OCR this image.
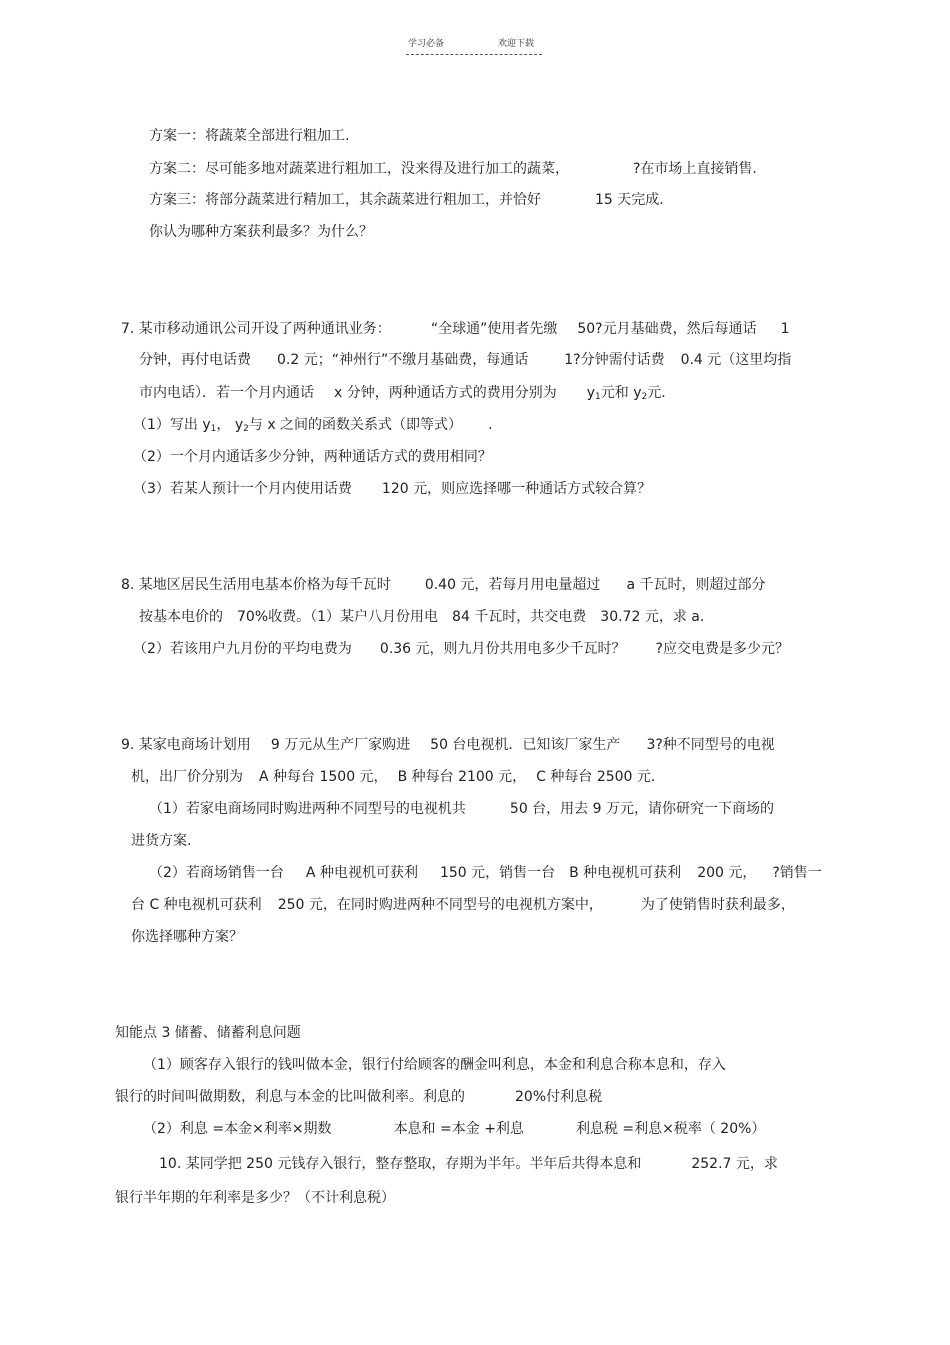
学习必备	欢迎下载
方案一：将蔬菜全部进行粗加工.
方案二：尽可能多地对蔬菜进行粗加工，没来得及进行加工的蔬菜，	?在市场上直接销售.
方案三：将部分蔬菜进行精加工，其余蔬菜进行粗加工，并恰好	15 天完成.
你认为哪种方案获利最多？为什么？
7. 某市移动通讯公司开设了两种通讯业务：	“全球通”使用者先缴 50?元月基础费，然后每通话 1
分钟，再付电话费 0.2 元；“神州行”不缴月基础费，每通话	1?分钟需付话费 0.4 元（这里均指
市内电话）．若一个月内通话 x 分钟，两种通话方式的费用分别为 $y_1$元和 $y_2$元.
（1）写出 $y_1$， $y_2$与 x 之间的函数关系式（即等式） .
（2）一个月内通话多少分钟，两种通话方式的费用相同？
（3）若某人预计一个月内使用话费 120 元，则应选择哪一种通话方式较合算？
8. 某地区居民生活用电基本价格为每千瓦时 0.40 元，若每月用电量超过 a 千瓦时，则超过部分
按基本电价的 70%收费。（1）某户八月份用电 84 千瓦时，共交电费 30.72 元，求 a.
（2）若该用户九月份的平均电费为 0.36 元，则九月份共用电多少千瓦时？ ?应交电费是多少元？
9. 某家电商场计划用 9 万元从生产厂家购进 50 台电视机．已知该厂家生产 3?种不同型号的电视
机，出厂价分别为 A 种每台 1500 元， B 种每台 2100 元， C 种每台 2500 元.
（1）若家电商场同时购进两种不同型号的电视机共	50 台，用去 9 万元，请你研究一下商场的
进货方案.
（2）若商场销售一台 A 种电视机可获利 150 元，销售一台 B 种电视机可获利 200 元， ?销售一
台 C 种电视机可获利 250 元，在同时购进两种不同型号的电视机方案中，	为了使销售时获利最多，
你选择哪种方案？
知能点 3 储蓄、储蓄利息问题
（1）顾客存入银行的钱叫做本金，银行付给顾客的酬金叫利息，本金和利息合称本息和，存入
银行的时间叫做期数，利息与本金的比叫做利率。利息的	20%付利息税
（2）利息 =本金×利率×期数	本息和 =本金 +利息	利息税 =利息×税率（ 20%）
10. 某同学把 250 元钱存入银行，整存整取，存期为半年。半年后共得本息和	252.7 元，求
银行半年期的年利率是多少？（不计利息税）
